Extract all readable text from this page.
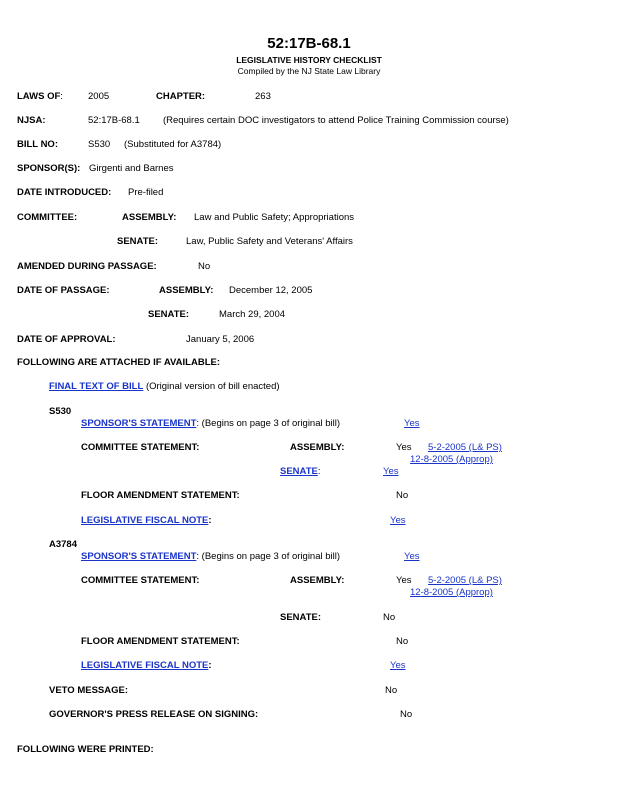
52:17B-68.1
LEGISLATIVE HISTORY CHECKLIST
Compiled by the NJ State Law Library
LAWS OF:	2005	CHAPTER:	263
NJSA:	52:17B-68.1 (Requires certain DOC investigators to attend Police Training Commission course)
BILL NO:	S530 (Substituted for A3784)
SPONSOR(S): Girgenti and Barnes
DATE INTRODUCED: Pre-filed
COMMITTEE:	ASSEMBLY: Law and Public Safety; Appropriations
SENATE:	Law, Public Safety and Veterans' Affairs
AMENDED DURING PASSAGE:	No
DATE OF PASSAGE:	ASSEMBLY: December 12, 2005
SENATE:	March 29, 2004
DATE OF APPROVAL:	January 5, 2006
FOLLOWING ARE ATTACHED IF AVAILABLE:
FINAL TEXT OF BILL (Original version of bill enacted)
S530
SPONSOR'S STATEMENT: (Begins on page 3 of original bill)	Yes
COMMITTEE STATEMENT:	ASSEMBLY:	Yes 5-2-2005 (L& PS)
12-8-2005 (Approp)
SENATE:	Yes
FLOOR AMENDMENT STATEMENT:	No
LEGISLATIVE FISCAL NOTE:	Yes
A3784
SPONSOR'S STATEMENT: (Begins on page 3 of original bill)	Yes
COMMITTEE STATEMENT:	ASSEMBLY:	Yes 5-2-2005 (L& PS)
12-8-2005 (Approp)
SENATE:	No
FLOOR AMENDMENT STATEMENT:	No
LEGISLATIVE FISCAL NOTE:	Yes
VETO MESSAGE:	No
GOVERNOR'S PRESS RELEASE ON SIGNING:	No
FOLLOWING WERE PRINTED:
